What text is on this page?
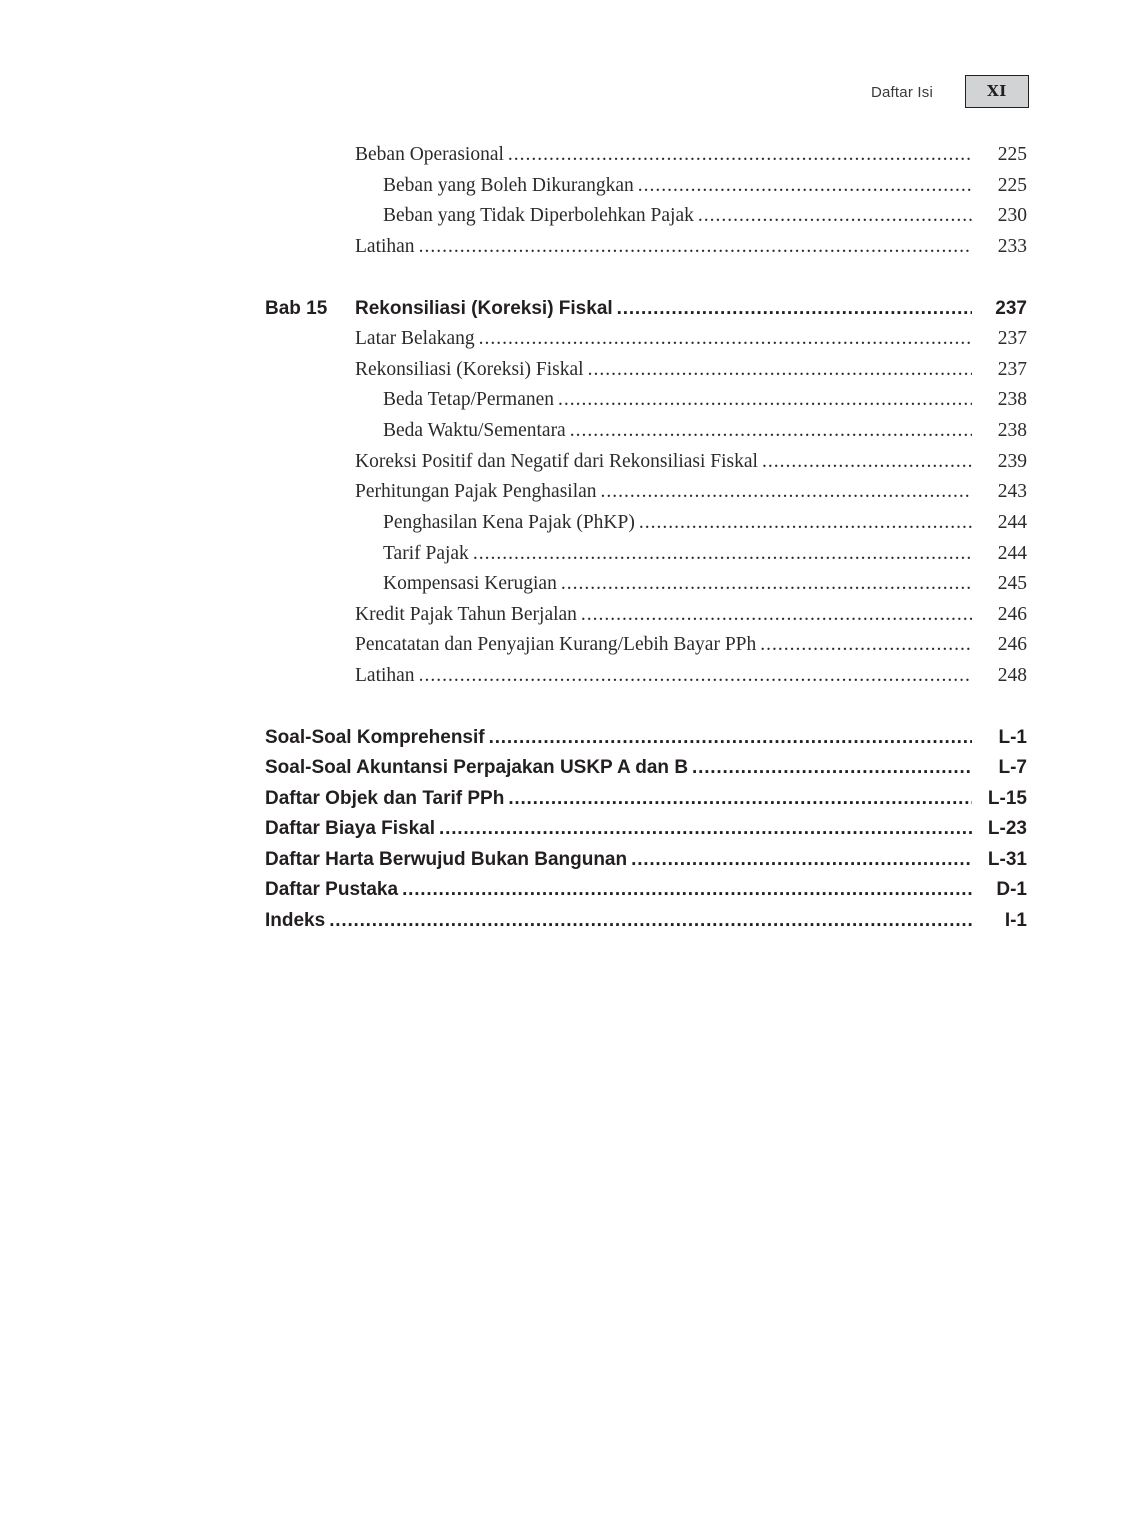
Daftar Isi	XI
Beban Operasional .....	225
Beban yang Boleh Dikurangkan .....	225
Beban yang Tidak Diperbolehkan Pajak .....	230
Latihan .....	233
Bab 15 Rekonsiliasi (Koreksi) Fiskal .....	237
Latar Belakang .....	237
Rekonsiliasi (Koreksi) Fiskal .....	237
Beda Tetap/Permanen .....	238
Beda Waktu/Sementara .....	238
Koreksi Positif dan Negatif dari Rekonsiliasi Fiskal .....	239
Perhitungan Pajak Penghasilan .....	243
Penghasilan Kena Pajak (PhKP) .....	244
Tarif Pajak .....	244
Kompensasi Kerugian .....	245
Kredit Pajak Tahun Berjalan .....	246
Pencatatan dan Penyajian Kurang/Lebih Bayar PPh .....	246
Latihan .....	248
Soal-Soal Komprehensif .....	L-1
Soal-Soal Akuntansi Perpajakan USKP A dan B .....	L-7
Daftar Objek dan Tarif PPh .....	L-15
Daftar Biaya Fiskal .....	L-23
Daftar Harta Berwujud Bukan Bangunan .....	L-31
Daftar Pustaka .....	D-1
Indeks .....	I-1
